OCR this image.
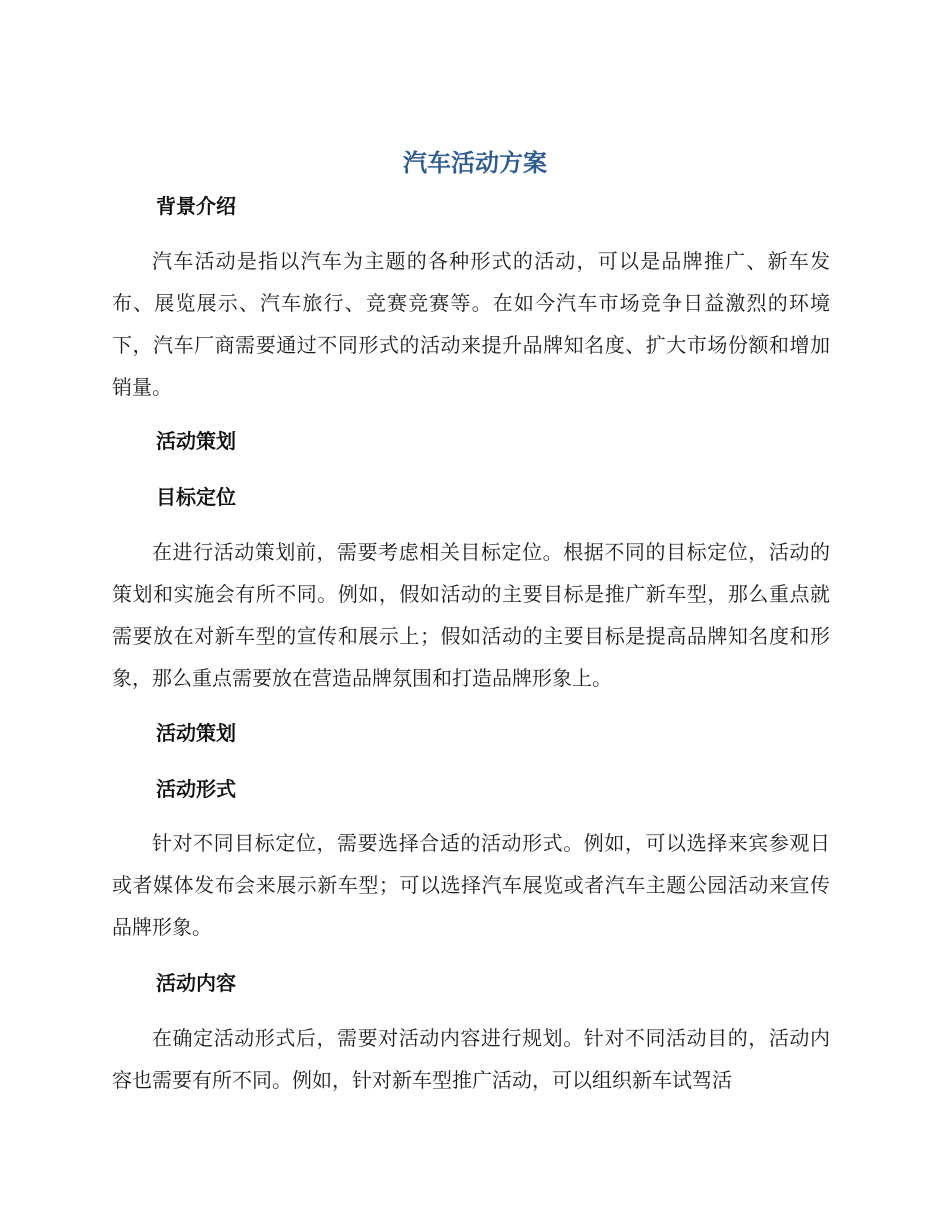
汽车活动方案
背景介绍

汽车活动是指以汽车为主题的各种形式的活动，可以是品牌推广、新车发布、展览展示、汽车旅行、竞赛竞赛等。在如今汽车市场竞争日益激烈的环境下，汽车厂商需要通过不同形式的活动来提升品牌知名度、扩大市场份额和增加销量。

活动策划
目标定位

在进行活动策划前，需要考虑相关目标定位。根据不同的目标定位，活动的策划和实施会有所不同。例如，假如活动的主要目标是推广新车型，那么重点就需要放在对新车型的宣传和展示上；假如活动的主要目标是提高品牌知名度和形象，那么重点需要放在营造品牌氛围和打造品牌形象上。

活动策划
活动形式

针对不同目标定位，需要选择合适的活动形式。例如，可以选择来宾参观日或者媒体发布会来展示新车型；可以选择汽车展览或者汽车主题公园活动来宣传品牌形象。

活动内容

在确定活动形式后，需要对活动内容进行规划。针对不同活动目的，活动内容也需要有所不同。例如，针对新车型推广活动，可以组织新车试驾活
